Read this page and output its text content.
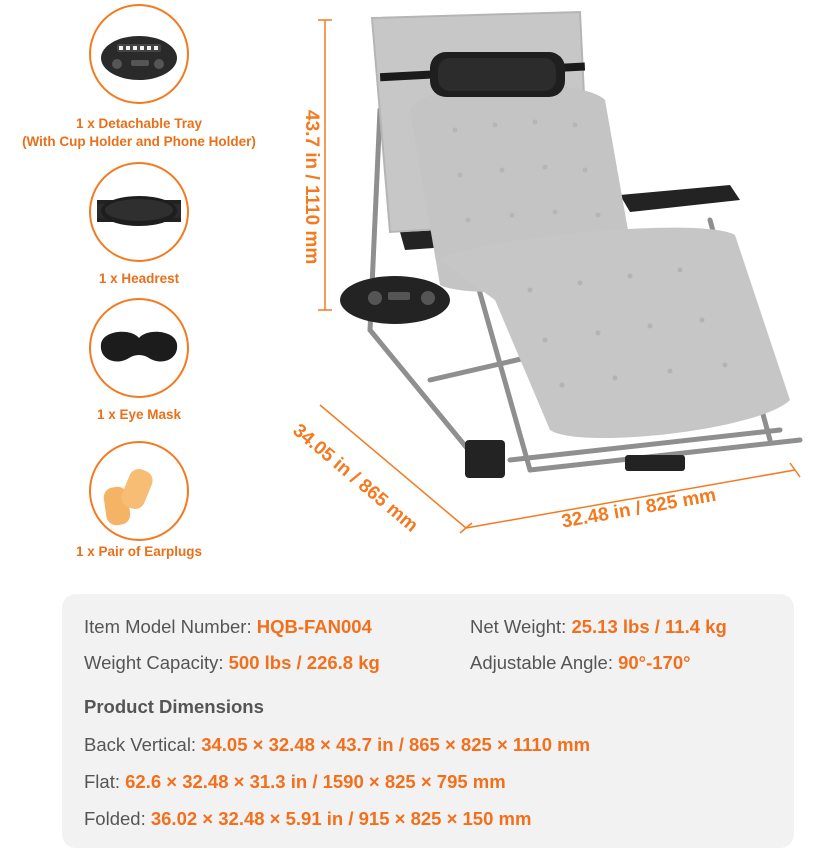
1 x Detachable Tray
(With Cup Holder and Phone Holder)
1 x Headrest
1 x Eye Mask
1 x Pair of Earplugs
43.7 in / 1110 mm
34.05 in / 865 mm	32.48 in / 825 mm
Item Model Number: HQB-FAN004	Net Weight: 25.13 lbs / 11.4 kg
Weight Capacity: 500 lbs / 226.8 kg	Adjustable Angle: 90°-170°
Product Dimensions
Back Vertical: 34.05 × 32.48 × 43.7 in / 865 × 825 × 1110 mm
Flat: 62.6 × 32.48 × 31.3 in / 1590 × 825 × 795 mm
Folded: 36.02 × 32.48 × 5.91 in / 915 × 825 × 150 mm
